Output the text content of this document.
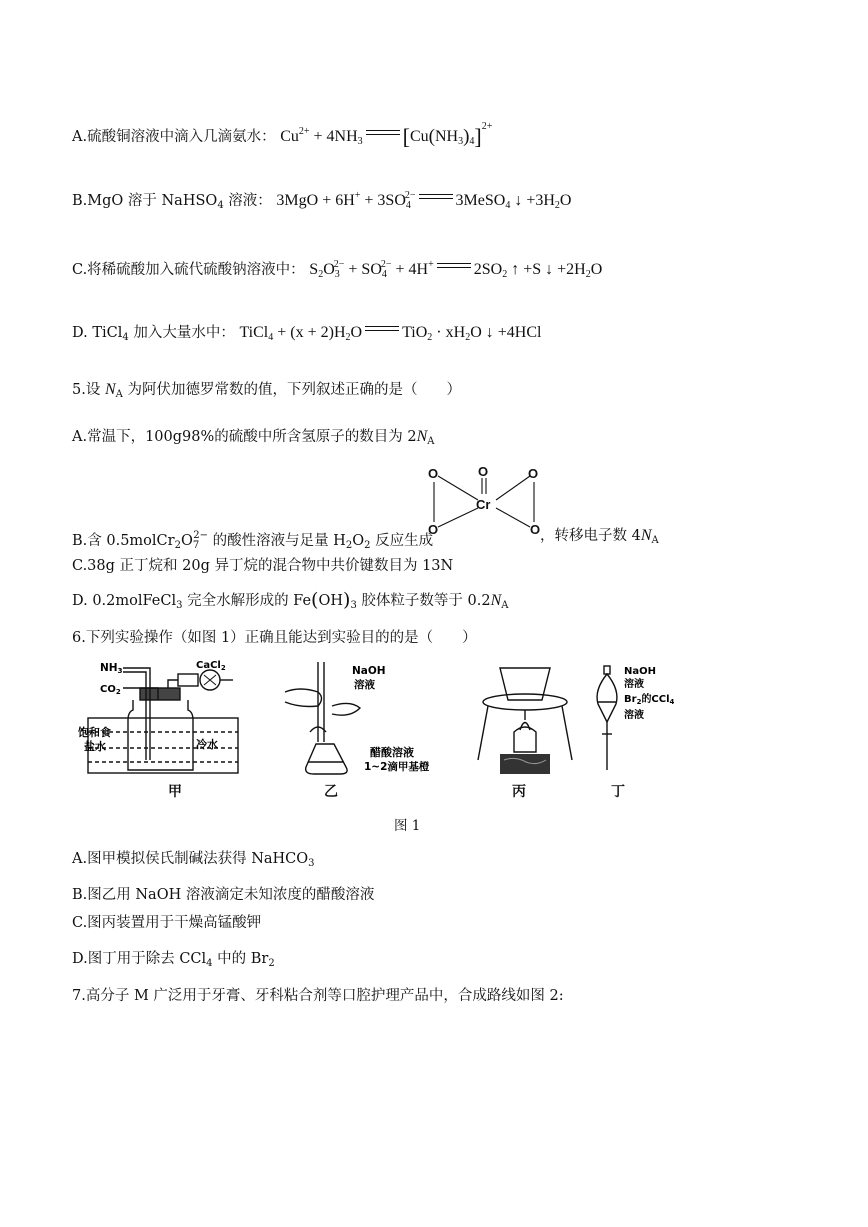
A.硫酸铜溶液中滴入几滴氨水： $Cu^{2+} + 4NH_3$ $[Cu(NH_3)_4]^{2+}$
B.MgO 溶于 NaHSO$_4$ 溶液： $3MgO + 6H^+ + 3SO_4^{2-}$	3MeSO$_4$ ↓ $+3H_2O$
C.将稀硫酸加入硫代硫酸钠溶液中： $S_2O_3^{2-} + SO_4^{2-} + 4H^+$	$2SO_2$ ↑ +S ↓ $+2H_2O$
D. TiCl$_4$ 加入大量水中： TiCl$_4$ + $(x + 2)H_2O$	$TiO_2 \cdot xH_2O$ ↓ +4HCl
5.设 $N_A$ 为阿伏加德罗常数的值，下列叙述正确的是（　　）
A.常温下，100g98%的硫酸中所含氢原子的数目为 $2N_A$
O	O	O
Cr
O	O
B.含 $0.5molCr_2O_7^{2-}$ 的酸性溶液与足量 $H_2O_2$ 反应生成	，转移电子数 $4N_A$
C.38g 正丁烷和 20g 异丁烷的混合物中共价键数目为 13N
D. 0.2molFeCl$_3$ 完全水解形成的 $Fe(OH)_3$ 胶体粒子数等于 $0.2N_A$
6.下列实验操作（如图 1）正确且能达到实验目的的是（　　）
NH3
$CO_2$
CaCl$_2$
饱和食
盐水	冷水
NaOH
溶液
醋酸溶液
1~2滴甲基橙
NaOH
溶液
$Br_2$的CCl$_4$
溶液
甲	乙	丙	丁
图 1
A.图甲模拟侯氏制碱法获得 NaHCO$_3$
B.图乙用 NaOH 溶液滴定未知浓度的醋酸溶液
C.图丙装置用于干燥高锰酸钾
D.图丁用于除去 CCl$_4$ 中的 $Br_2$
7.高分子 M 广泛用于牙膏、牙科粘合剂等口腔护理产品中，合成路线如图 2:
